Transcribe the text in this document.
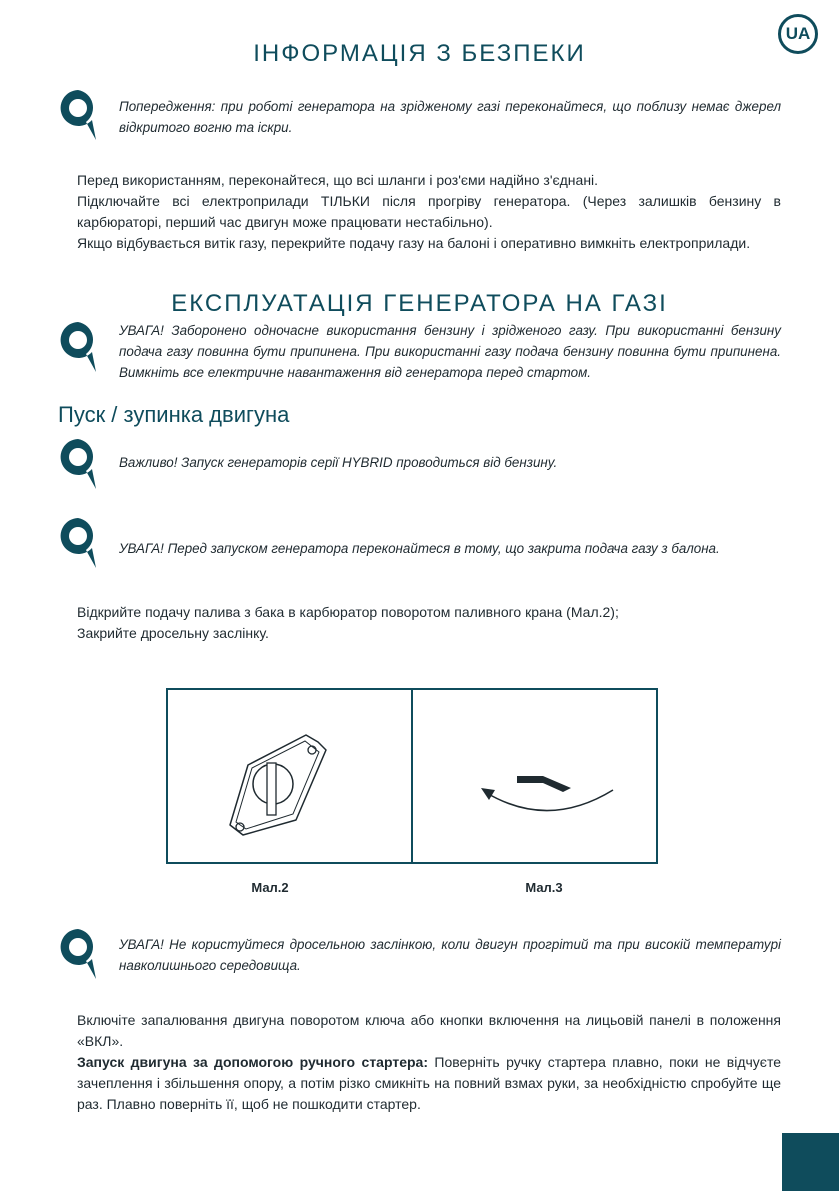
UA
ІНФОРМАЦІЯ З БЕЗПЕКИ
Попередження: при роботі генератора на зрідженому газі переконайтеся, що поблизу немає джерел відкритого вогню та іскри.

Перед використанням, переконайтеся, що всі шланги і роз'єми надійно з'єднані.

Підключайте всі електроприлади ТІЛЬКИ після прогріву генератора. (Через залишків бензину в карбюраторі, перший час двигун може працювати нестабільно).

Якщо відбувається витік газу, перекрийте подачу газу на балоні і оперативно вимкніть електроприлади.

ЕКСПЛУАТАЦІЯ ГЕНЕРАТОРА НА ГАЗІ
УВАГА! Заборонено одночасне використання бензину і зрідженого газу. При використанні бензину подача газу повинна бути припинена. При використанні газу подача бензину повинна бути припинена. Вимкніть все електричне навантаження від генератора перед стартом.
Пуск / зупинка двигуна
Важливо! Запуск генераторів серії HYBRID проводиться від бензину.
УВАГА! Перед запуском генератора переконайтеся в тому, що закрита подача газу з балона.

Відкрийте подачу палива з бака в карбюратор поворотом паливного крана (Мал.2);

Закрийте дросельну заслінку.

Мал.2	Мал.3
УВАГА! Не користуйтеся дросельною заслінкою, коли двигун прогрітий та при високій температурі навколишнього середовища.

Включіте запалювання двигуна поворотом ключа або кнопки включення на лицьовій панелі в положення «ВКЛ».

Запуск двигуна за допомогою ручного стартера: Поверніть ручку стартера плавно, поки не відчуєте зачеплення і збільшення опору, а потім різко смикніть на повний взмах руки, за необхідністю спробуйте ще раз. Плавно поверніть її, щоб не пошкодити стартер.
